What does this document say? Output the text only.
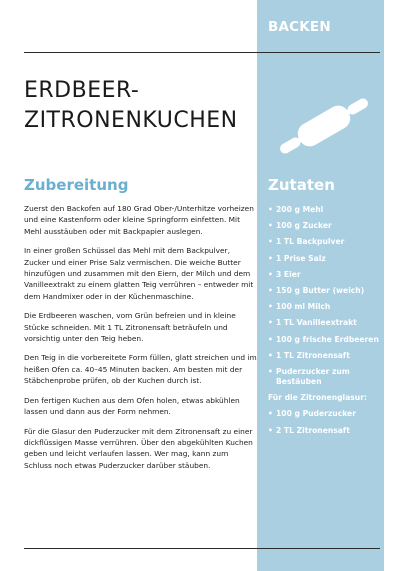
BACKEN
ERDBEER-
ZITRONENKUCHEN
Zubereitung	Zutaten

Zuerst den Backofen auf 180 Grad Ober-/Unterhitze vorheizen und eine Kastenform oder kleine Springform einfetten. Mit Mehl ausstäuben oder mit Backpapier auslegen.

In einer großen Schüssel das Mehl mit dem Backpulver, Zucker und einer Prise Salz vermischen. Die weiche Butter hinzufügen und zusammen mit den Eiern, der Milch und dem Vanilleextrakt zu einem glatten Teig verrühren – entweder mit dem Handmixer oder in der Küchenmaschine.

Die Erdbeeren waschen, vom Grün befreien und in kleine Stücke schneiden. Mit 1 TL Zitronensaft beträufeln und vorsichtig unter den Teig heben.

Den Teig in die vorbereitete Form füllen, glatt streichen und im heißen Ofen ca. 40–45 Minuten backen. Am besten mit der Stäbchenprobe prüfen, ob der Kuchen durch ist.

Den fertigen Kuchen aus dem Ofen holen, etwas abkühlen lassen und dann aus der Form nehmen.

Für die Glasur den Puderzucker mit dem Zitronensaft zu einer dickflüssigen Masse verrühren. Über den abgekühlten Kuchen geben und leicht verlaufen lassen. Wer mag, kann zum Schluss noch etwas Puderzucker darüber stäuben.

• 200 g Mehl
• 100 g Zucker
• 1 TL Backpulver
• 1 Prise Salz
• 3 Eier
• 150 g Butter (weich)
• 100 ml Milch
• 1 TL Vanilleextrakt
• 100 g frische Erdbeeren
• 1 TL Zitronensaft
• Puderzucker zum Bestäuben
Für die Zitronenglasur:
• 100 g Puderzucker
• 2 TL Zitronensaft
